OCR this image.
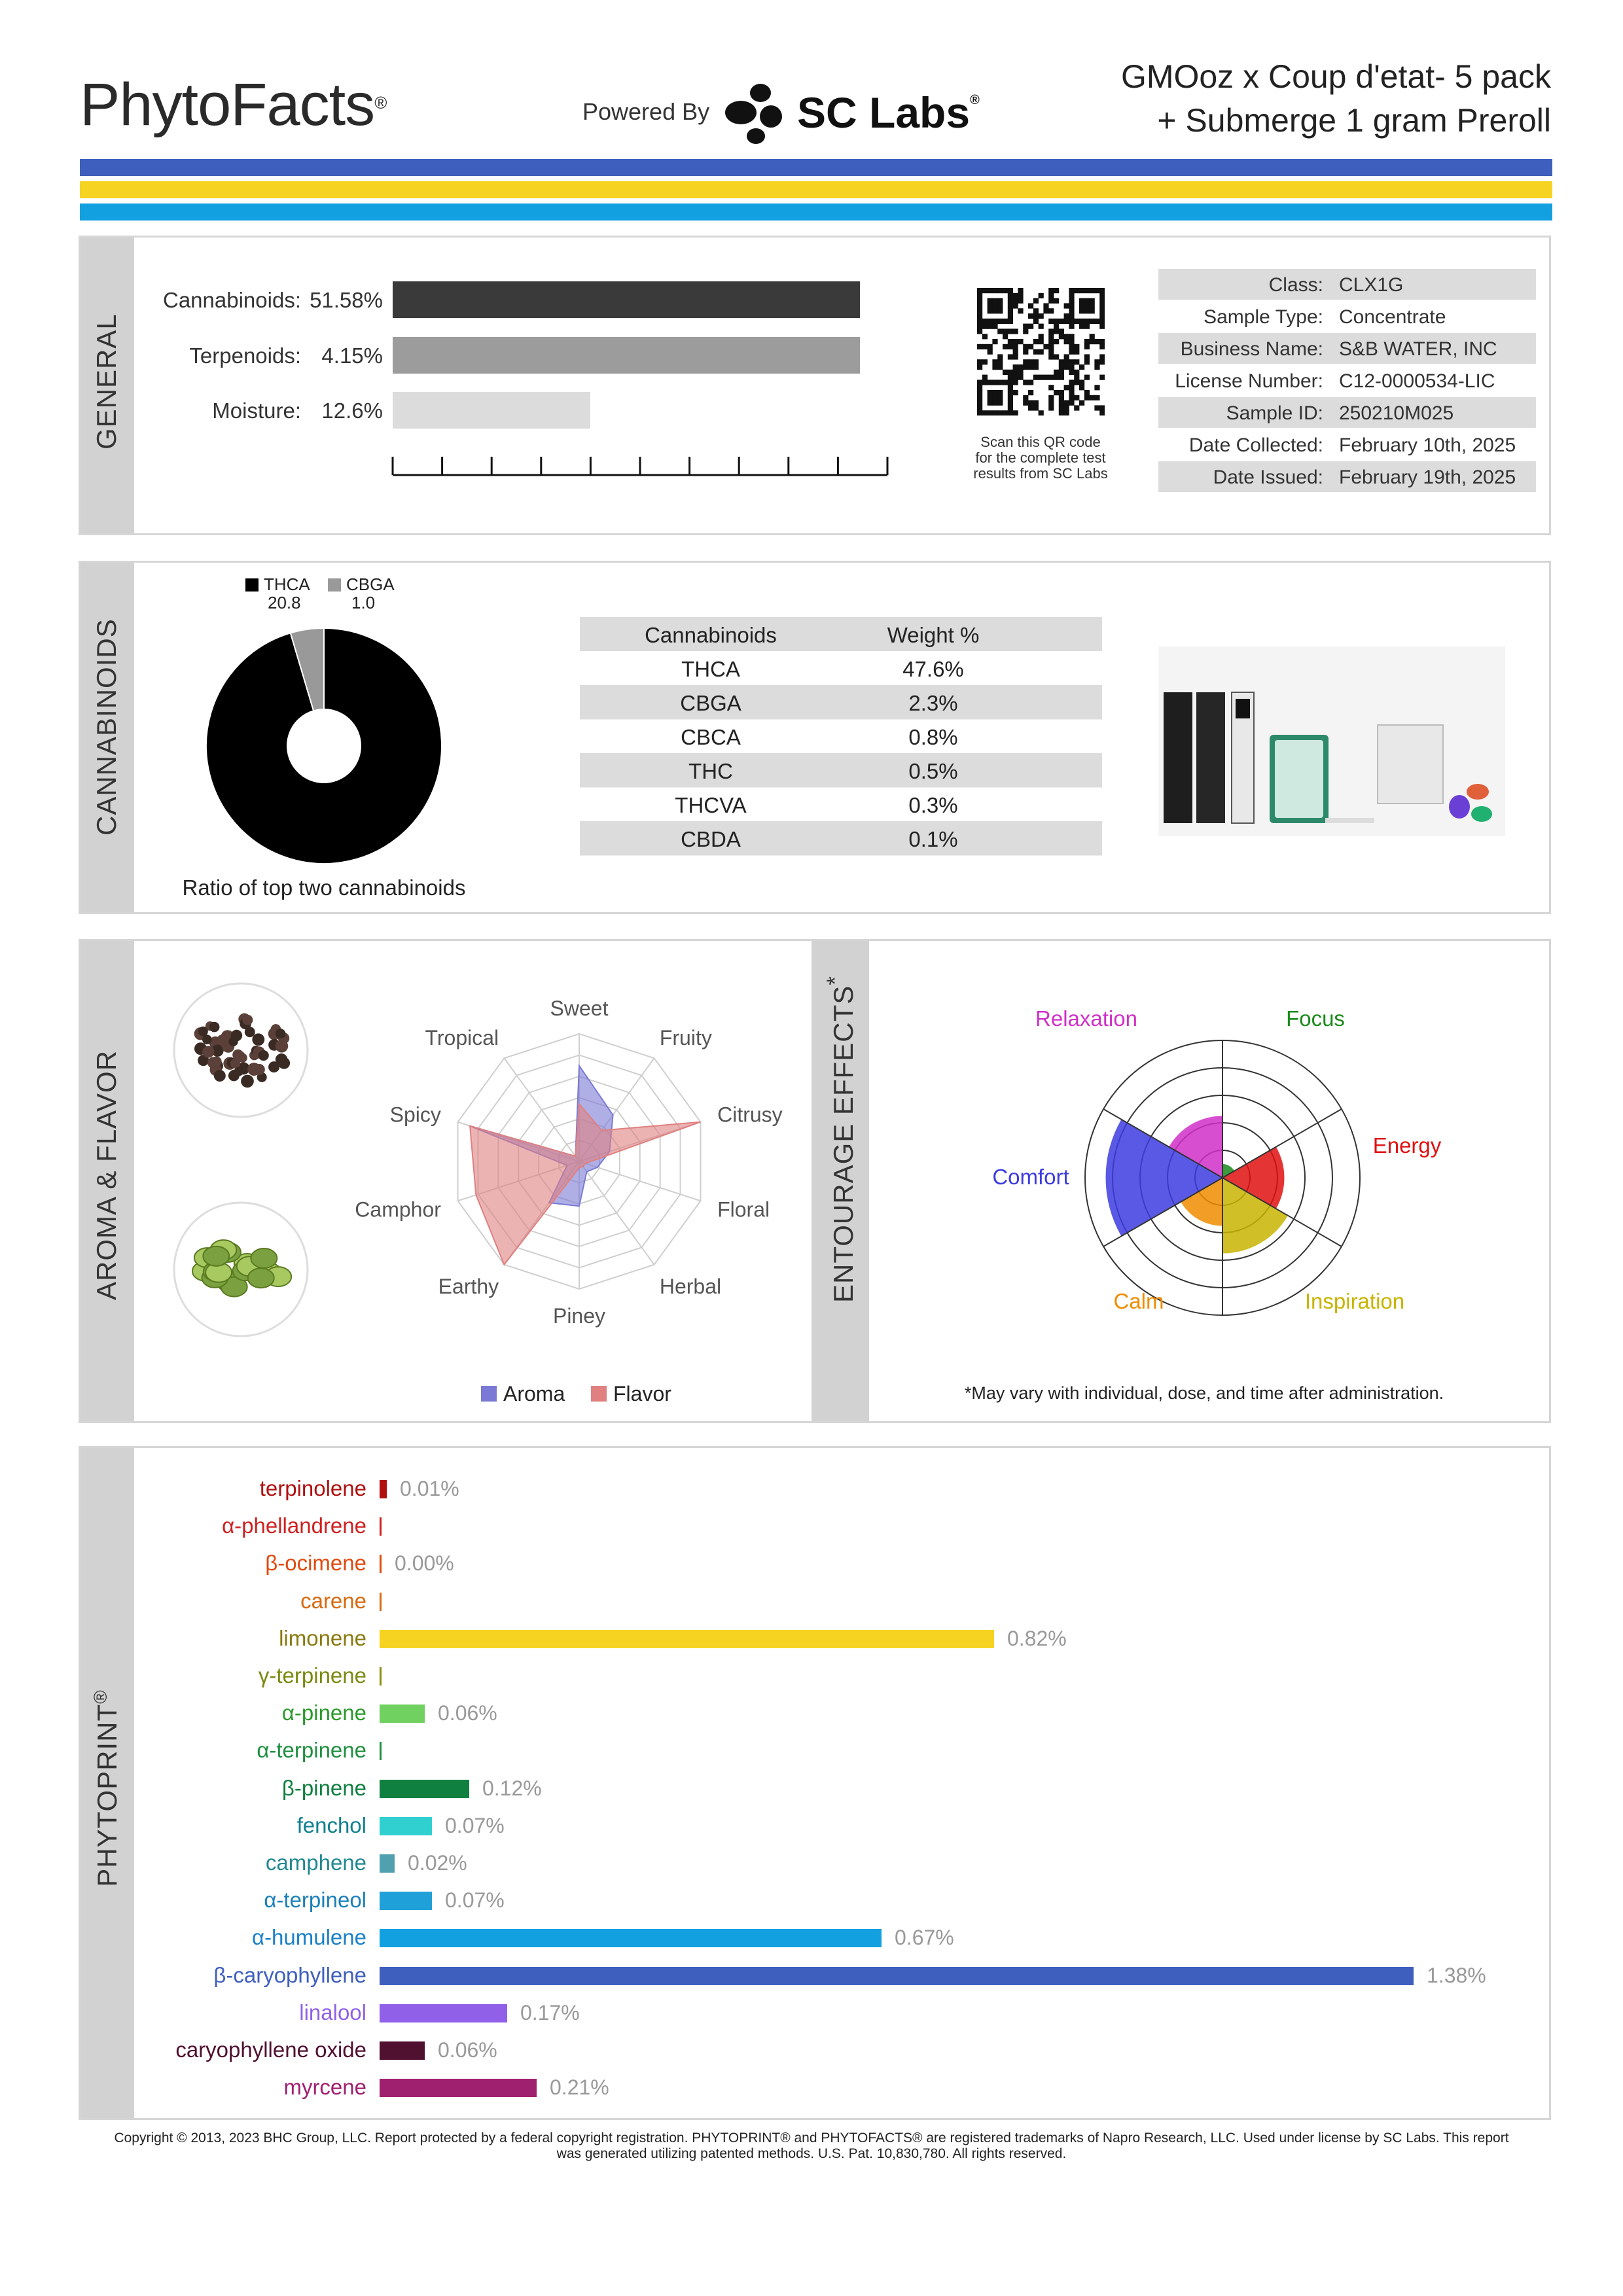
PhytoFacts®	Powered By SC Labs®
GMOoz x Coup d'etat- 5 pack
+ Submerge 1 gram Preroll
GENERAL
Cannabinoids: 51.58%
Terpenoids: 4.15%
Moisture: 12.6%
Scan this QR code
for the complete test
results from SC Labs
Class: CLX1G
Sample Type: Concentrate
Business Name: S&B WATER, INC
License Number: C12-0000534-LIC
Sample ID: 250210M025
Date Collected: February 10th, 2025
Date Issued: February 19th, 2025
CANNABINOIDS
THCA
20.8
CBGA
1.0
Ratio of top two cannabinoids
Cannabinoids	Weight %
THCA	47.6%
CBGA	2.3%
CBCA	0.8%
THC	0.5%
THCVA	0.3%
CBDA	0.1%
AROMA & FLAVOR	ENTOURAGE EFFECTS*
Sweet
Fruity
Citrusy
Floral
Herbal
Piney
Earthy
Camphor
Spicy
Tropical
Aroma Flavor
Focus
Energy
Inspiration
Calm
Comfort
Relaxation
*May vary with individual, dose, and time after administration.
PHYTOPRINT®
terpinolene 0.01%
α-phellandrene
β-ocimene 0.00%
carene
limonene	0.82%
γ-terpinene
α-pinene	0.06%
α-terpinene
β-pinene	0.12%
fenchol	0.07%
camphene 0.02%
α-terpineol	0.07%
α-humulene	0.67%
β-caryophyllene	1.38%
linalool	0.17%
caryophyllene oxide	0.06%
myrcene	0.21%
Copyright © 2013, 2023 BHC Group, LLC. Report protected by a federal copyright registration. PHYTOPRINT® and PHYTOFACTS® are registered trademarks of Napro Research, LLC. Used under license by SC Labs. This report
was generated utilizing patented methods. U.S. Pat. 10,830,780. All rights reserved.
